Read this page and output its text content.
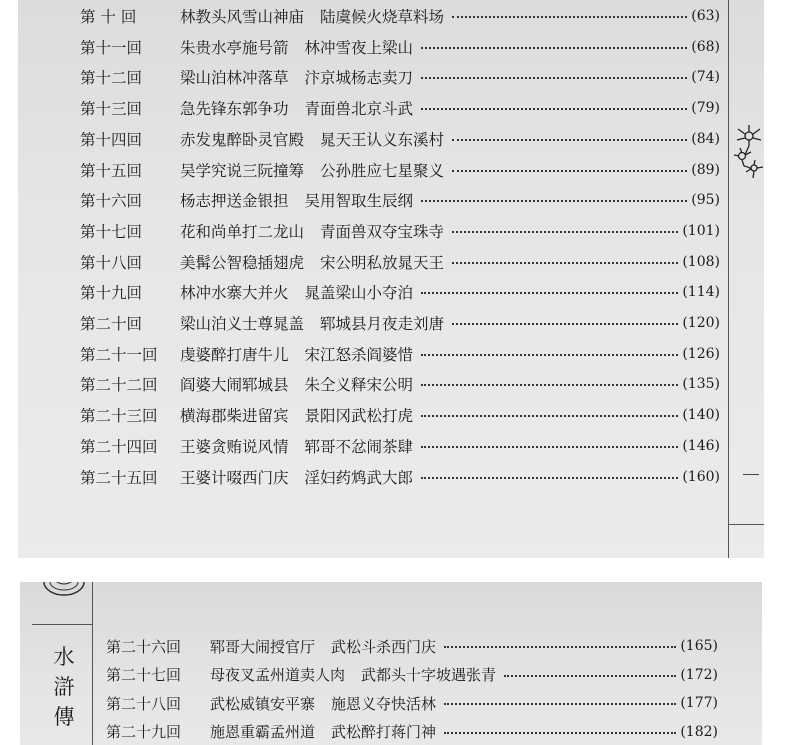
第 十 回	林教头风雪山神庙 陆虞候火烧草料场	(63)
第十一回	朱贵水亭施号箭 林冲雪夜上梁山	(68)
第十二回	梁山泊林冲落草 汴京城杨志卖刀	(74)
第十三回	急先锋东郭争功 青面兽北京斗武	(79)
第十四回	赤发鬼醉卧灵官殿 晁天王认义东溪村	(84)
第十五回	吴学究说三阮撞筹 公孙胜应七星聚义	(89)
第十六回	杨志押送金银担 吴用智取生辰纲	(95)
第十七回	花和尚单打二龙山 青面兽双夺宝珠寺	(101)
第十八回	美髯公智稳插翅虎 宋公明私放晁天王	(108)
第十九回	林冲水寨大并火 晁盖梁山小夺泊	(114)
第二十回	梁山泊义士尊晁盖 郓城县月夜走刘唐	(120)
第二十一回	虔婆醉打唐牛儿 宋江怒杀阎婆惜	(126)
第二十二回	阎婆大闹郓城县 朱仝义释宋公明	(135)
第二十三回	横海郡柴进留宾 景阳冈武松打虎	(140)
第二十四回	王婆贪贿说风情 郓哥不忿闹茶肆	(146)
第二十五回	王婆计啜西门庆 淫妇药鸩武大郎	(160)
水
滸
傳
第二十六回	郓哥大闹授官厅 武松斗杀西门庆	(165)
第二十七回	母夜叉孟州道卖人肉 武都头十字坡遇张青	(172)
第二十八回	武松威镇安平寨 施恩义夺快活林	(177)
第二十九回	施恩重霸孟州道 武松醉打蒋门神	(182)
